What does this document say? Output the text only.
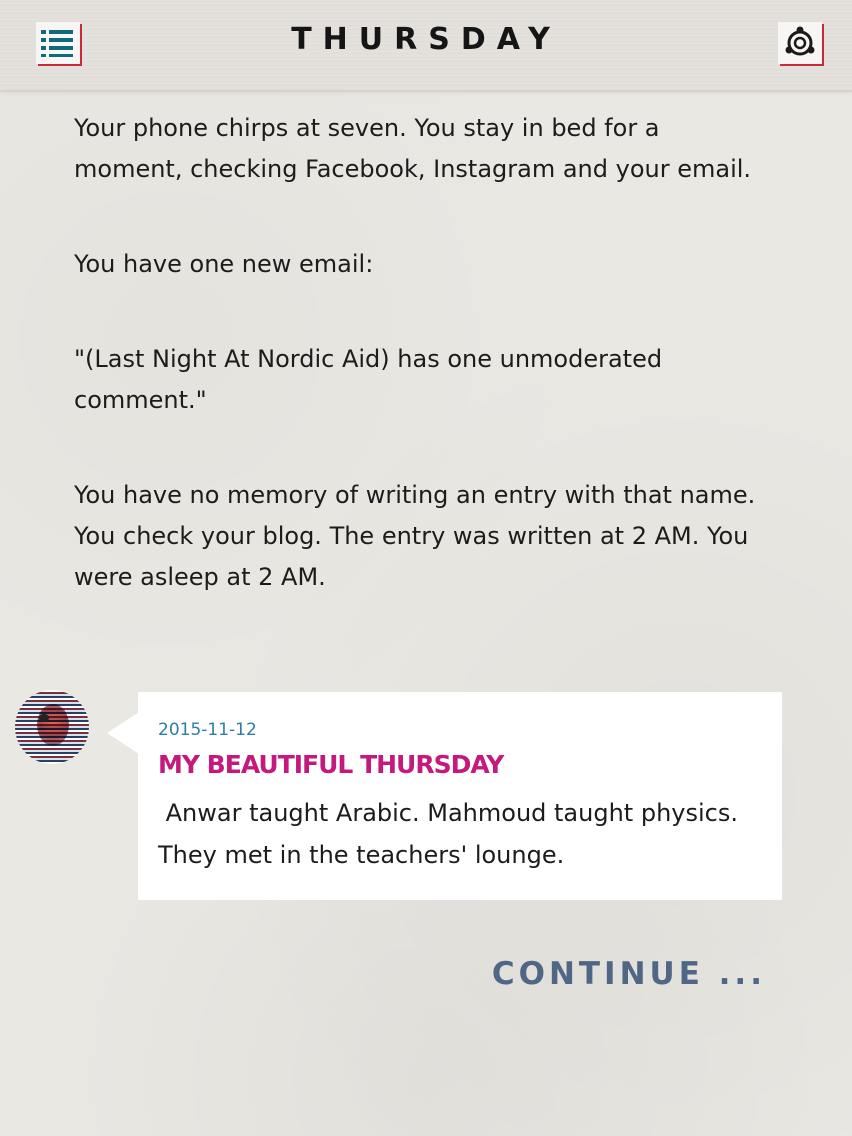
THURSDAY

Your phone chirps at seven. You stay in bed for a moment, checking Facebook, Instagram and your email.

You have one new email:

"(Last Night At Nordic Aid) has one unmoderated comment."

You have no memory of writing an entry with that name. You check your blog. The entry was written at 2 AM. You were asleep at 2 AM.

2015-11-12
MY BEAUTIFUL THURSDAY
Anwar taught Arabic. Mahmoud taught physics. They met in the teachers' lounge.
CONTINUE ...
